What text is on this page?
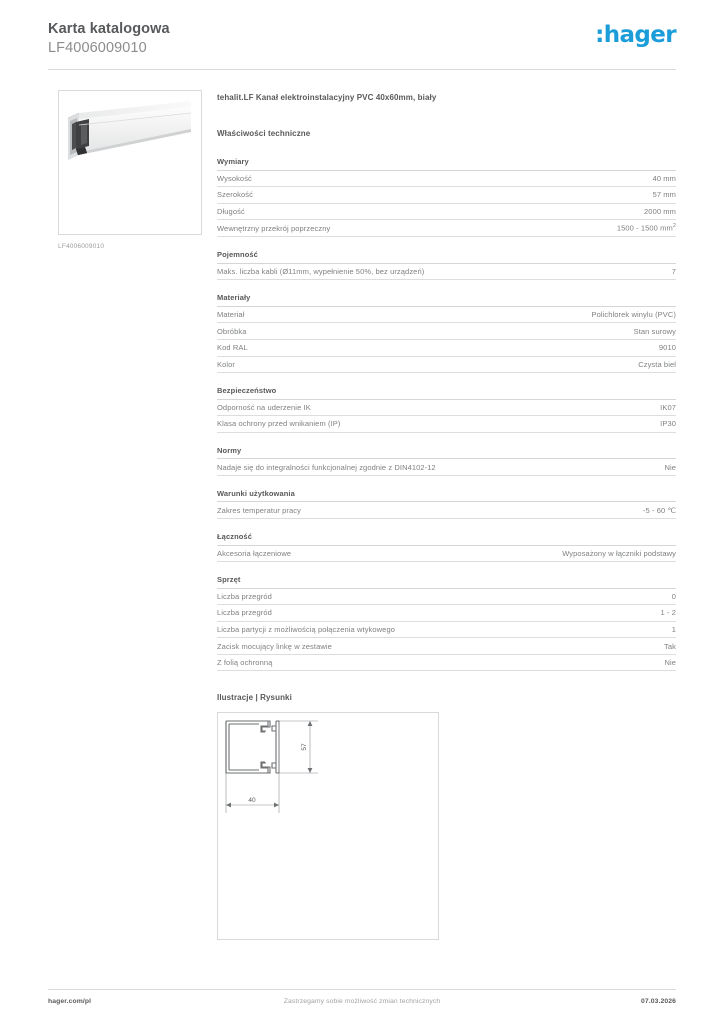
Karta katalogowa
LF4006009010
:hager
LF4006009010
tehalit.LF Kanał elektroinstalacyjny PVC 40x60mm, biały
Właściwości techniczne
Wymiary
Wysokość	40 mm
Szerokość	57 mm
Długość	2000 mm
Wewnętrzny przekrój poprzeczny	1500 - 1500 $mm^2$
Pojemność
Maks. liczba kabli (Ø11mm, wypełnienie 50%, bez urządzeń)	7
Materiały
Materiał	Polichlorek winylu (PVC)
Obróbka	Stan surowy
Kod RAL	9010
Kolor	Czysta biel
Bezpieczeństwo
Odporność na uderzenie IK	IK07
Klasa ochrony przed wnikaniem (IP)	IP30
Normy
Nadaje się do integralności funkcjonalnej zgodnie z DIN4102-12	Nie
Warunki użytkowania
Zakres temperatur pracy	-5 - 60 ℃
Łączność
Akcesoria łączeniowe	Wyposażony w łączniki podstawy
Sprzęt
Liczba przegród	0
Liczba przegród	1 - 2
Liczba partycji z możliwością połączenia wtykowego	1
Zacisk mocujący linkę w zestawie	Tak
Z folią ochronną	Nie
Ilustracje | Rysunki
57
40
hager.com/pl	Zastrzegamy sobie możliwość zmian technicznych	07.03.2026
